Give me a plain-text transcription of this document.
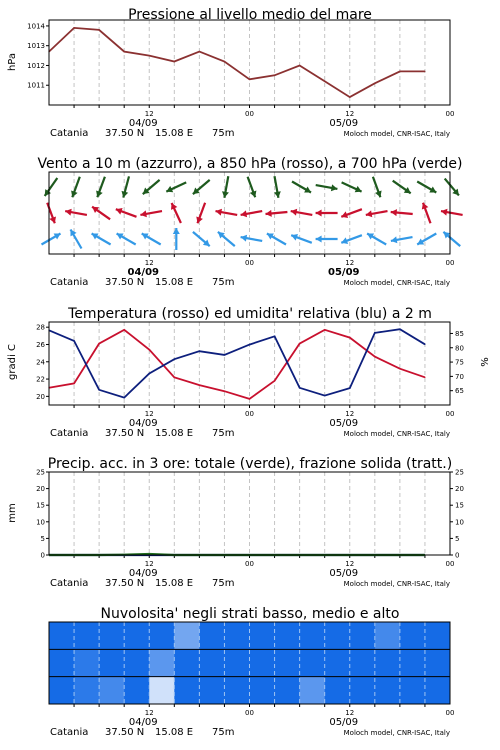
Pressione al livello medio del mare
1014
1013
1012
1011
hPa
12	00	12	00
04/09	05/09
Catania 37.50 N 15.08 E 75m	Moloch model, CNR-ISAC, Italy
Vento a 10 m (azzurro), a 850 hPa (rosso), a 700 hPa (verde)
12	00	12	00
04/09	05/09
Catania 37.50 N 15.08 E 75m	Moloch model, CNR-ISAC, Italy
Temperatura (rosso) ed umidita' relativa (blu) a 2 m
28
26
24
22
20
85
80
75
70
65
gradi C	%
12	00	12	00
04/09	05/09
Catania 37.50 N 15.08 E 75m	Moloch model, CNR-ISAC, Italy
Precip. acc. in 3 ore: totale (verde), frazione solida (tratt.)
25	25
20	20
15	15
10	10
5	5
0	0
mm
12	00	12	00
04/09	05/09
Catania 37.50 N 15.08 E 75m	Moloch model, CNR-ISAC, Italy
Nuvolosita' negli strati basso, medio e alto
12	00	12	00
04/09	05/09
Catania 37.50 N 15.08 E 75m	Moloch model, CNR-ISAC, Italy
